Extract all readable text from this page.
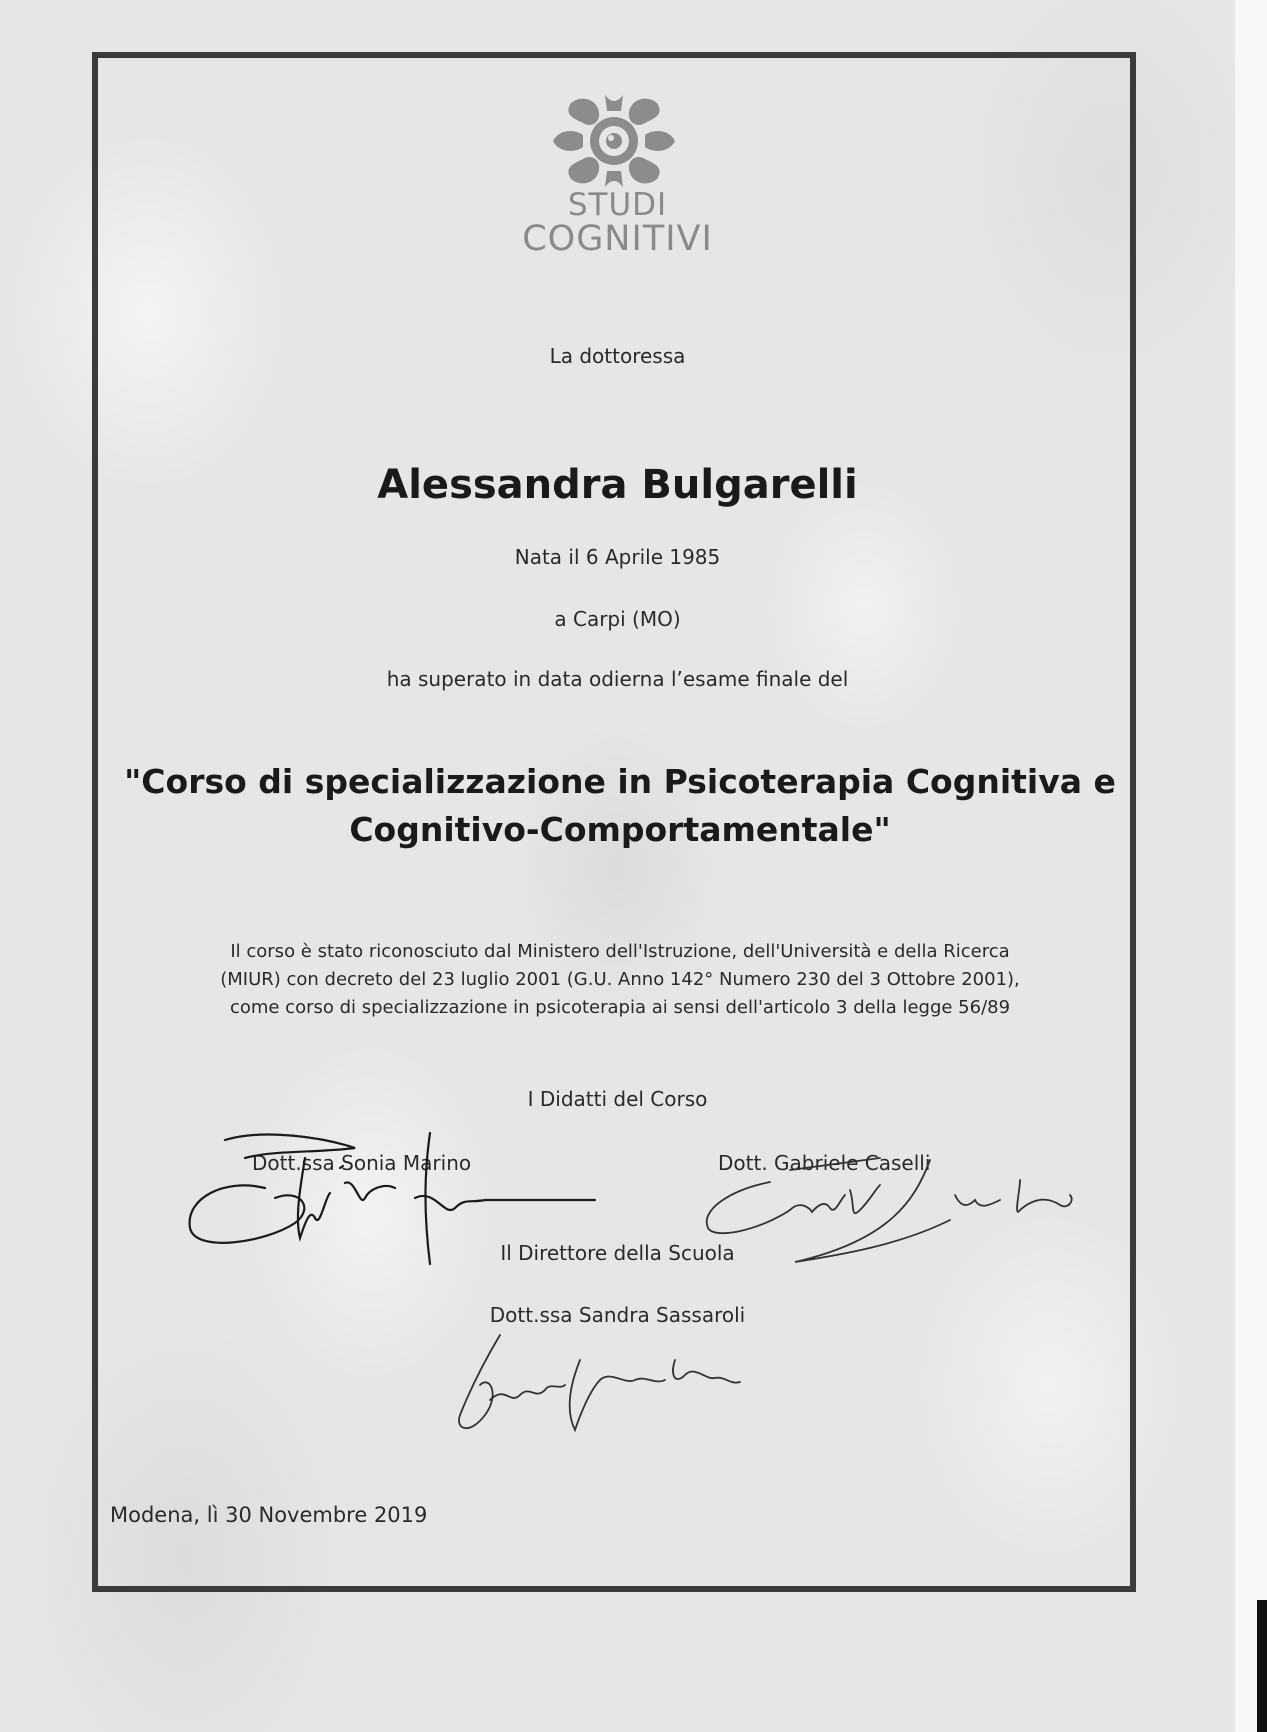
STUDI
COGNITIVI
La dottoressa
Alessandra Bulgarelli
Nata il 6 Aprile 1985
a Carpi (MO)
ha superato in data odierna l’esame finale del
"Corso di specializzazione in Psicoterapia Cognitiva e
Cognitivo-Comportamentale"
Il corso è stato riconosciuto dal Ministero dell'Istruzione, dell'Università e della Ricerca
(MIUR) con decreto del 23 luglio 2001 (G.U. Anno 142° Numero 230 del 3 Ottobre 2001),
come corso di specializzazione in psicoterapia ai sensi dell'articolo 3 della legge 56/89
I Didatti del Corso
Dott.ssa Sonia Marino	Dott. Gabriele Caselli
Il Direttore della Scuola
Dott.ssa Sandra Sassaroli
Modena, lì 30 Novembre 2019
